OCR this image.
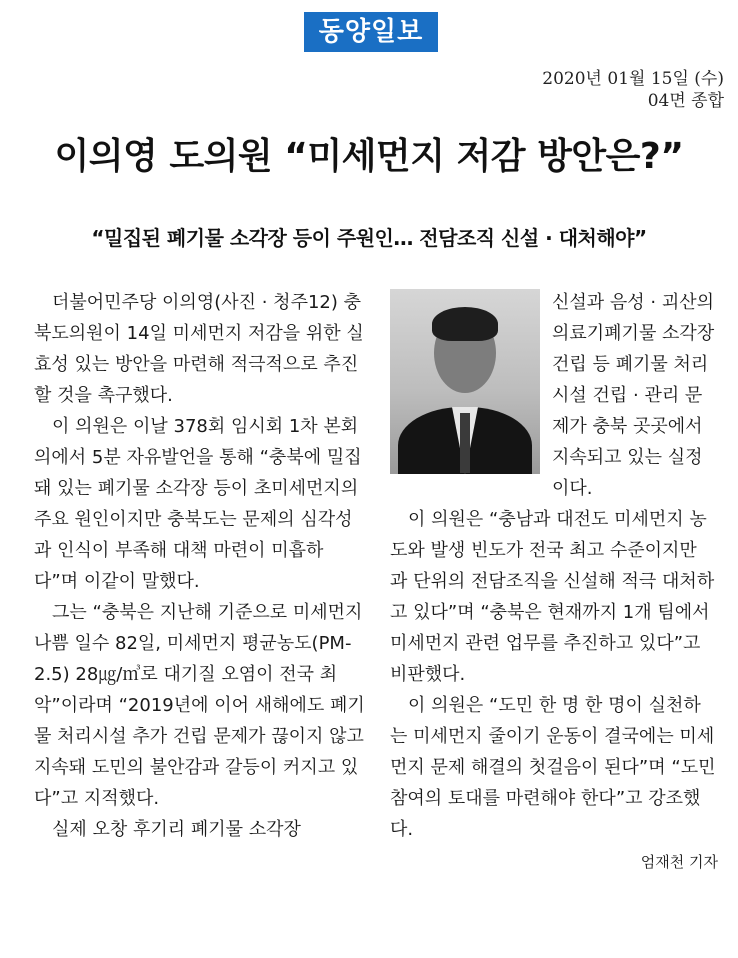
동양일보
2020년 01월 15일 (수)
04면 종합
이의영 도의원 “미세먼지 저감 방안은?”
“밀집된 폐기물 소각장 등이 주원인… 전담조직 신설 · 대처해야”

더불어민주당 이의영(사진 · 청주12) 충북도의원이 14일 미세먼지 저감을 위한 실효성 있는 방안을 마련해 적극적으로 추진할 것을 촉구했다.

이 의원은 이날 378회 임시회 1차 본회의에서 5분 자유발언을 통해 “충북에 밀집돼 있는 폐기물 소각장 등이 초미세먼지의 주요 원인이지만 충북도는 문제의 심각성과 인식이 부족해 대책 마련이 미흡하다”며 이같이 말했다.

그는 “충북은 지난해 기준으로 미세먼지 나쁨 일수 82일, 미세먼지 평균농도(PM-2.5) 28㎍/㎥로 대기질 오염이 전국 최악”이라며 “2019년에 이어 새해에도 폐기물 처리시설 추가 건립 문제가 끊이지 않고 지속돼 도민의 불안감과 갈등이 커지고 있다”고 지적했다.

실제 오창 후기리 폐기물 소각장

신설과 음성 · 괴산의 의료기폐기물 소각장 건립 등 폐기물 처리 시설 건립 · 관리 문제가 충북 곳곳에서 지속되고 있는 실정이다.

이 의원은 “충남과 대전도 미세먼지 농도와 발생 빈도가 전국 최고 수준이지만 과 단위의 전담조직을 신설해 적극 대처하고 있다”며 “충북은 현재까지 1개 팀에서 미세먼지 관련 업무를 추진하고 있다”고 비판했다.

이 의원은 “도민 한 명 한 명이 실천하는 미세먼지 줄이기 운동이 결국에는 미세먼지 문제 해결의 첫걸음이 된다”며 “도민 참여의 토대를 마련해야 한다”고 강조했다.

엄재천 기자
